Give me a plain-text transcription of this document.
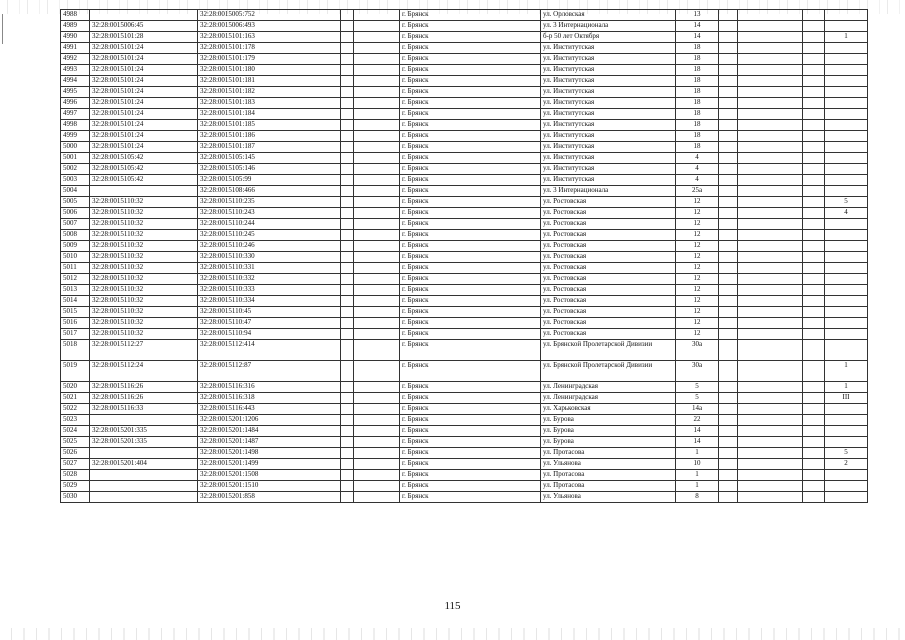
4988		32:28:0015005:752			г. Брянск	ул. Орловская	13				
4989	32:28:0015006:45	32:28:0015006:493			г. Брянск	ул. 3 Интернационала	14				
4990	32:28:0015101:28	32:28:0015101:163			г. Брянск	б-р 50 лет Октября	14				1
4991	32:28:0015101:24	32:28:0015101:178			г. Брянск	ул. Институтская	18				
4992	32:28:0015101:24	32:28:0015101:179			г. Брянск	ул. Институтская	18				
4993	32:28:0015101:24	32:28:0015101:180			г. Брянск	ул. Институтская	18				
4994	32:28:0015101:24	32:28:0015101:181			г. Брянск	ул. Институтская	18				
4995	32:28:0015101:24	32:28:0015101:182			г. Брянск	ул. Институтская	18				
4996	32:28:0015101:24	32:28:0015101:183			г. Брянск	ул. Институтская	18				
4997	32:28:0015101:24	32:28:0015101:184			г. Брянск	ул. Институтская	18				
4998	32:28:0015101:24	32:28:0015101:185			г. Брянск	ул. Институтская	18				
4999	32:28:0015101:24	32:28:0015101:186			г. Брянск	ул. Институтская	18				
5000	32:28:0015101:24	32:28:0015101:187			г. Брянск	ул. Институтская	18				
5001	32:28:0015105:42	32:28:0015105:145			г. Брянск	ул. Институтская	4				
5002	32:28:0015105:42	32:28:0015105:146			г. Брянск	ул. Институтская	4				
5003	32:28:0015105:42	32:28:0015105:99			г. Брянск	ул. Институтская	4				
5004		32:28:0015108:466			г. Брянск	ул. 3 Интернационала	25а				
5005	32:28:0015110:32	32:28:0015110:235			г. Брянск	ул. Ростовская	12				5
5006	32:28:0015110:32	32:28:0015110:243			г. Брянск	ул. Ростовская	12				4
5007	32:28:0015110:32	32:28:0015110:244			г. Брянск	ул. Ростовская	12				
5008	32:28:0015110:32	32:28:0015110:245			г. Брянск	ул. Ростовская	12				
5009	32:28:0015110:32	32:28:0015110:246			г. Брянск	ул. Ростовская	12				
5010	32:28:0015110:32	32:28:0015110:330			г. Брянск	ул. Ростовская	12				
5011	32:28:0015110:32	32:28:0015110:331			г. Брянск	ул. Ростовская	12				
5012	32:28:0015110:32	32:28:0015110:332			г. Брянск	ул. Ростовская	12				
5013	32:28:0015110:32	32:28:0015110:333			г. Брянск	ул. Ростовская	12				
5014	32:28:0015110:32	32:28:0015110:334			г. Брянск	ул. Ростовская	12				
5015	32:28:0015110:32	32:28:0015110:45			г. Брянск	ул. Ростовская	12				
5016	32:28:0015110:32	32:28:0015110:47			г. Брянск	ул. Ростовская	12				
5017	32:28:0015110:32	32:28:0015110:94			г. Брянск	ул. Ростовская	12				
5018	32:28:0015112:27	32:28:0015112:414			г. Брянск	ул. Брянской Пролетарской Дивизии	30а				
5019	32:28:0015112:24	32:28:0015112:87			г. Брянск	ул. Брянской Пролетарской Дивизии	30а				1
5020	32:28:0015116:26	32:28:0015116:316			г. Брянск	ул. Ленинградская	5				1
5021	32:28:0015116:26	32:28:0015116:318			г. Брянск	ул. Ленинградская	5				III
5022	32:28:0015116:33	32:28:0015116:443			г. Брянск	ул. Харьковская	14а				
5023		32:28:0015201:1206			г. Брянск	ул. Бурова	22				
5024	32:28:0015201:335	32:28:0015201:1484			г. Брянск	ул. Бурова	14				
5025	32:28:0015201:335	32:28:0015201:1487			г. Брянск	ул. Бурова	14				
5026		32:28:0015201:1498			г. Брянск	ул. Протасова	1				5
5027	32:28:0015201:404	32:28:0015201:1499			г. Брянск	ул. Ульянова	10				2
5028		32:28:0015201:1508			г. Брянск	ул. Протасова	1				
5029		32:28:0015201:1510			г. Брянск	ул. Протасова	1				
5030		32:28:0015201:858			г. Брянск	ул. Ульянова	8				
115
